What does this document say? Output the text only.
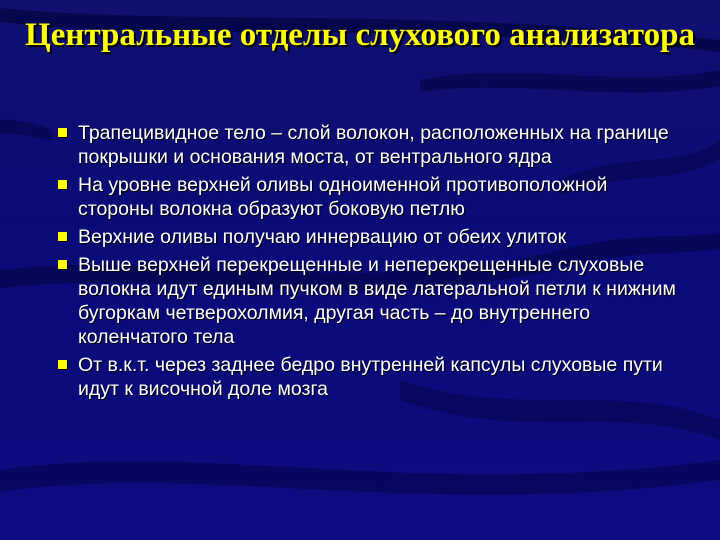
Центральные отделы слухового анализатора
Трапецивидное тело – слой волокон, расположенных на границе покрышки и основания моста, от вентрального ядра
На уровне верхней оливы одноименной противоположной стороны волокна образуют боковую петлю
Верхние оливы получаю иннервацию от обеих улиток
Выше верхней перекрещенные и неперекрещенные слуховые волокна идут единым пучком в виде латеральной петли к нижним бугоркам четверохолмия, другая часть – до внутреннего коленчатого тела
От в.к.т. через заднее бедро внутренней капсулы слуховые пути идут к височной доле мозга
